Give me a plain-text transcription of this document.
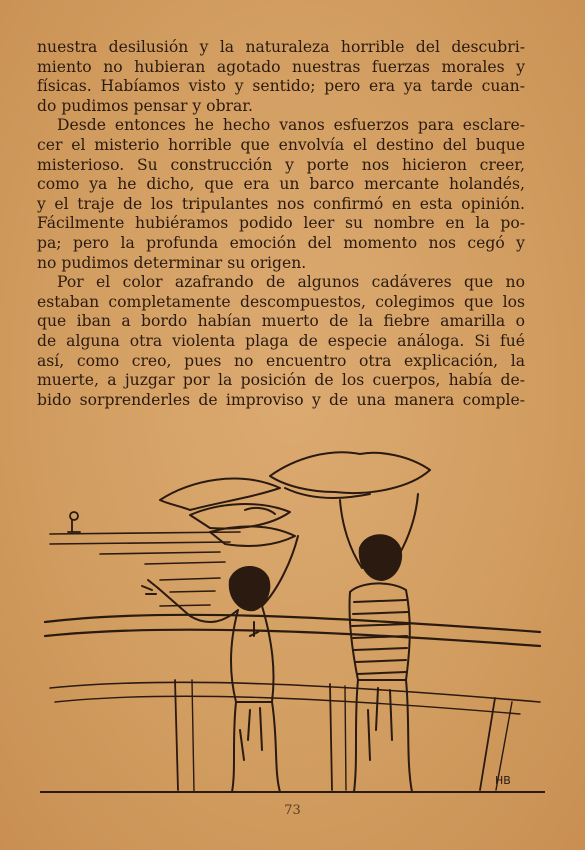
nuestra desilusión y la naturaleza horrible del descubri-
miento no hubieran agotado nuestras fuerzas morales y
físicas. Habíamos visto y sentido; pero era ya tarde cuan-
do pudimos pensar y obrar.
Desde entonces he hecho vanos esfuerzos para esclare-
cer el misterio horrible que envolvía el destino del buque
misterioso. Su construcción y porte nos hicieron creer,
como ya he dicho, que era un barco mercante holandés,
y el traje de los tripulantes nos confirmó en esta opinión.
Fácilmente hubiéramos podido leer su nombre en la po-
pa; pero la profunda emoción del momento nos cegó y
no pudimos determinar su origen.
Por el color azafrando de algunos cadáveres que no
estaban completamente descompuestos, colegimos que los
que iban a bordo habían muerto de la fiebre amarilla o
de alguna otra violenta plaga de especie análoga. Si fué
así, como creo, pues no encuentro otra explicación, la
muerte, a juzgar por la posición de los cuerpos, había de-
bido sorprenderles de improviso y de una manera comple-
HB
73
